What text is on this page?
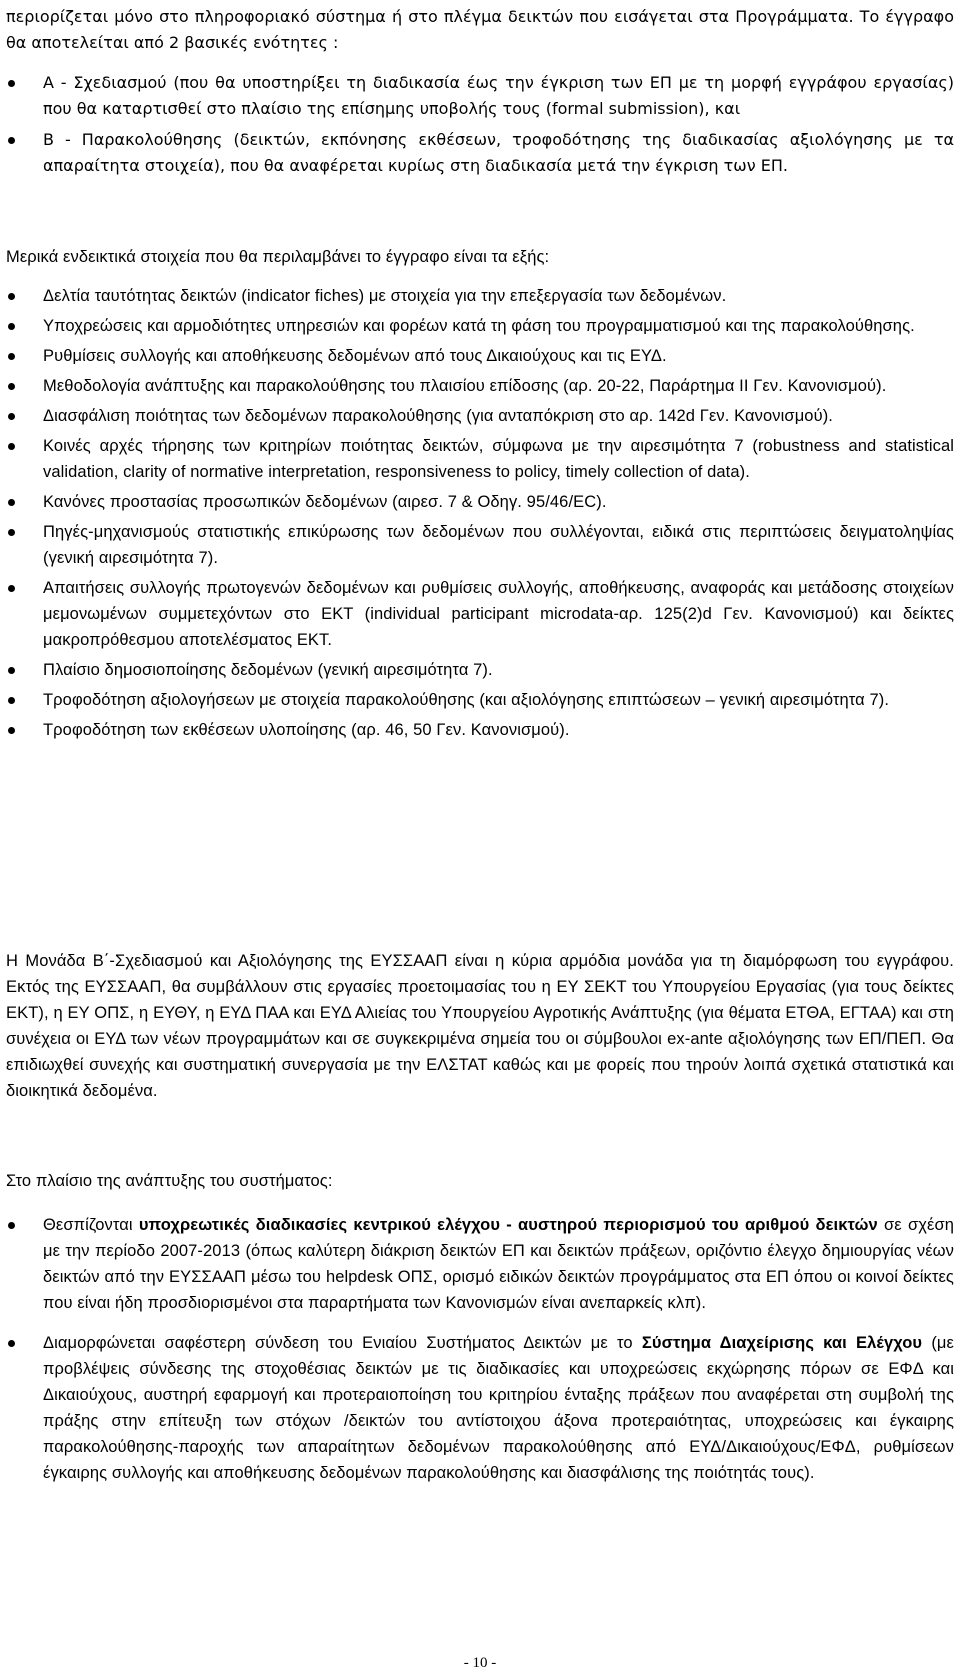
περιορίζεται μόνο στο πληροφοριακό σύστημα ή στο πλέγμα δεικτών που εισάγεται στα Προγράμματα. Το έγγραφο θα αποτελείται από 2 βασικές ενότητες :

Α - Σχεδιασμού (που θα υποστηρίξει τη διαδικασία έως την έγκριση των ΕΠ με τη μορφή εγγράφου εργασίας) που θα καταρτισθεί στο πλαίσιο της επίσημης υποβολής τους (formal submission), και
Β - Παρακολούθησης (δεικτών, εκπόνησης εκθέσεων, τροφοδότησης της διαδικασίας αξιολόγησης με τα απαραίτητα στοιχεία), που θα αναφέρεται κυρίως στη διαδικασία μετά την έγκριση των ΕΠ.

Μερικά ενδεικτικά στοιχεία που θα περιλαμβάνει το έγγραφο είναι τα εξής:

Δελτία ταυτότητας δεικτών (indicator fiches) με στοιχεία για την επεξεργασία των δεδομένων.
Υποχρεώσεις και αρμοδιότητες υπηρεσιών και φορέων κατά τη φάση του προγραμματισμού και της παρακολούθησης.
Ρυθμίσεις συλλογής και αποθήκευσης δεδομένων από τους Δικαιούχους και τις ΕΥΔ.
Μεθοδολογία ανάπτυξης και παρακολούθησης του πλαισίου επίδοσης (αρ. 20-22, Παράρτημα ΙΙ Γεν. Κανονισμού).
Διασφάλιση ποιότητας των δεδομένων παρακολούθησης (για ανταπόκριση στο αρ. 142d Γεν. Κανονισμού).
Κοινές αρχές τήρησης των κριτηρίων ποιότητας δεικτών, σύμφωνα με την αιρεσιμότητα 7 (robustness and statistical validation, clarity of normative interpretation, responsiveness to policy, timely collection of data).
Κανόνες προστασίας προσωπικών δεδομένων (αιρεσ. 7 & Οδηγ. 95/46/ΕC).
Πηγές-μηχανισμούς στατιστικής επικύρωσης των δεδομένων που συλλέγονται, ειδικά στις περιπτώσεις δειγματοληψίας (γενική αιρεσιμότητα 7).
Απαιτήσεις συλλογής πρωτογενών δεδομένων και ρυθμίσεις συλλογής, αποθήκευσης, αναφοράς και μετάδοσης στοιχείων μεμονωμένων συμμετεχόντων στο ΕΚΤ (individual participant microdata-αρ. 125(2)d Γεν. Κανονισμού) και δείκτες μακροπρόθεσμου αποτελέσματος ΕΚΤ.
Πλαίσιο δημοσιοποίησης δεδομένων (γενική αιρεσιμότητα 7).
Τροφοδότηση αξιολογήσεων με στοιχεία παρακολούθησης (και αξιολόγησης επιπτώσεων – γενική αιρεσιμότητα 7).
Τροφοδότηση των εκθέσεων υλοποίησης (αρ. 46, 50 Γεν. Κανονισμού).

Η Μονάδα Β΄-Σχεδιασμού και Αξιολόγησης της ΕΥΣΣΑΑΠ είναι η κύρια αρμόδια μονάδα για τη διαμόρφωση του εγγράφου. Εκτός της ΕΥΣΣΑΑΠ, θα συμβάλλουν στις εργασίες προετοιμασίας του η ΕΥ ΣΕΚΤ του Υπουργείου Εργασίας (για τους δείκτες ΕΚΤ), η ΕΥ ΟΠΣ, η ΕΥΘΥ, η ΕΥΔ ΠΑΑ και ΕΥΔ Αλιείας του Υπουργείου Αγροτικής Ανάπτυξης (για θέματα ΕΤΘΑ, ΕΓΤΑΑ) και στη συνέχεια οι ΕΥΔ των νέων προγραμμάτων και σε συγκεκριμένα σημεία του οι σύμβουλοι ex-ante αξιολόγησης των ΕΠ/ΠΕΠ. Θα επιδιωχθεί συνεχής και συστηματική συνεργασία με την ΕΛΣΤΑΤ καθώς και με φορείς που τηρούν λοιπά σχετικά στατιστικά και διοικητικά δεδομένα.

Στο πλαίσιο της ανάπτυξης του συστήματος:

Θεσπίζονται υποχρεωτικές διαδικασίες κεντρικού ελέγχου - αυστηρού περιορισμού του αριθμού δεικτών σε σχέση με την περίοδο 2007-2013 (όπως καλύτερη διάκριση δεικτών ΕΠ και δεικτών πράξεων, οριζόντιο έλεγχο δημιουργίας νέων δεικτών από την ΕΥΣΣΑΑΠ μέσω του helpdesk ΟΠΣ, ορισμό ειδικών δεικτών προγράμματος στα ΕΠ όπου οι κοινοί δείκτες που είναι ήδη προσδιορισμένοι στα παραρτήματα των Κανονισμών είναι ανεπαρκείς κλπ).
Διαμορφώνεται σαφέστερη σύνδεση του Ενιαίου Συστήματος Δεικτών με το Σύστημα Διαχείρισης και Ελέγχου (με προβλέψεις σύνδεσης της στοχοθέσιας δεικτών με τις διαδικασίες και υποχρεώσεις εκχώρησης πόρων σε ΕΦΔ και Δικαιούχους, αυστηρή εφαρμογή και προτεραιοποίηση του κριτηρίου ένταξης πράξεων που αναφέρεται στη συμβολή της πράξης στην επίτευξη των στόχων /δεικτών του αντίστοιχου άξονα προτεραιότητας, υποχρεώσεις και έγκαιρης παρακολούθησης-παροχής των απαραίτητων δεδομένων παρακολούθησης από ΕΥΔ/Δικαιούχους/ΕΦΔ, ρυθμίσεων έγκαιρης συλλογής και αποθήκευσης δεδομένων παρακολούθησης και διασφάλισης της ποιότητάς τους).
- 10 -
